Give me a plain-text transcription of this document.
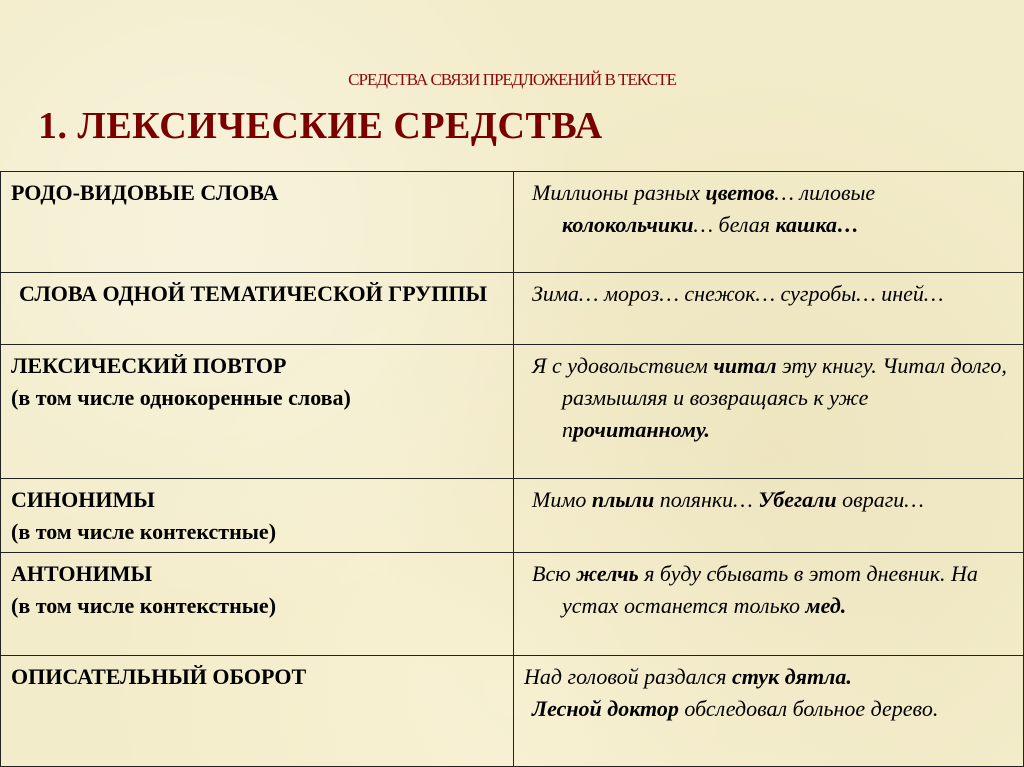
СРЕДСТВА СВЯЗИ ПРЕДЛОЖЕНИЙ В ТЕКСТЕ
1. ЛЕКСИЧЕСКИЕ СРЕДСТВА
РОДО-ВИДОВЫЕ СЛОВА	Миллионы разных цветов… лиловые колокольчики… белая кашка…

СЛОВА ОДНОЙ ТЕМАТИЧЕСКОЙ ГРУППЫ	Зима… мороз… снежок… сугробы… иней…

ЛЕКСИЧЕСКИЙ ПОВТОР
(в том числе однокоренные слова)	Я с удовольствием читал эту книгу. Читал долго, размышляя и возвращаясь к уже прочитанному.

СИНОНИМЫ
(в том числе контекстные)	Мимо плыли полянки… Убегали овраги…

АНТОНИМЫ
(в том числе контекстные)	Всю желчь я буду сбывать в этот дневник. На устах останется только мед.

ОПИСАТЕЛЬНЫЙ ОБОРОТ	Над головой раздался стук дятла.
Лесной доктор обследовал больное дерево.
